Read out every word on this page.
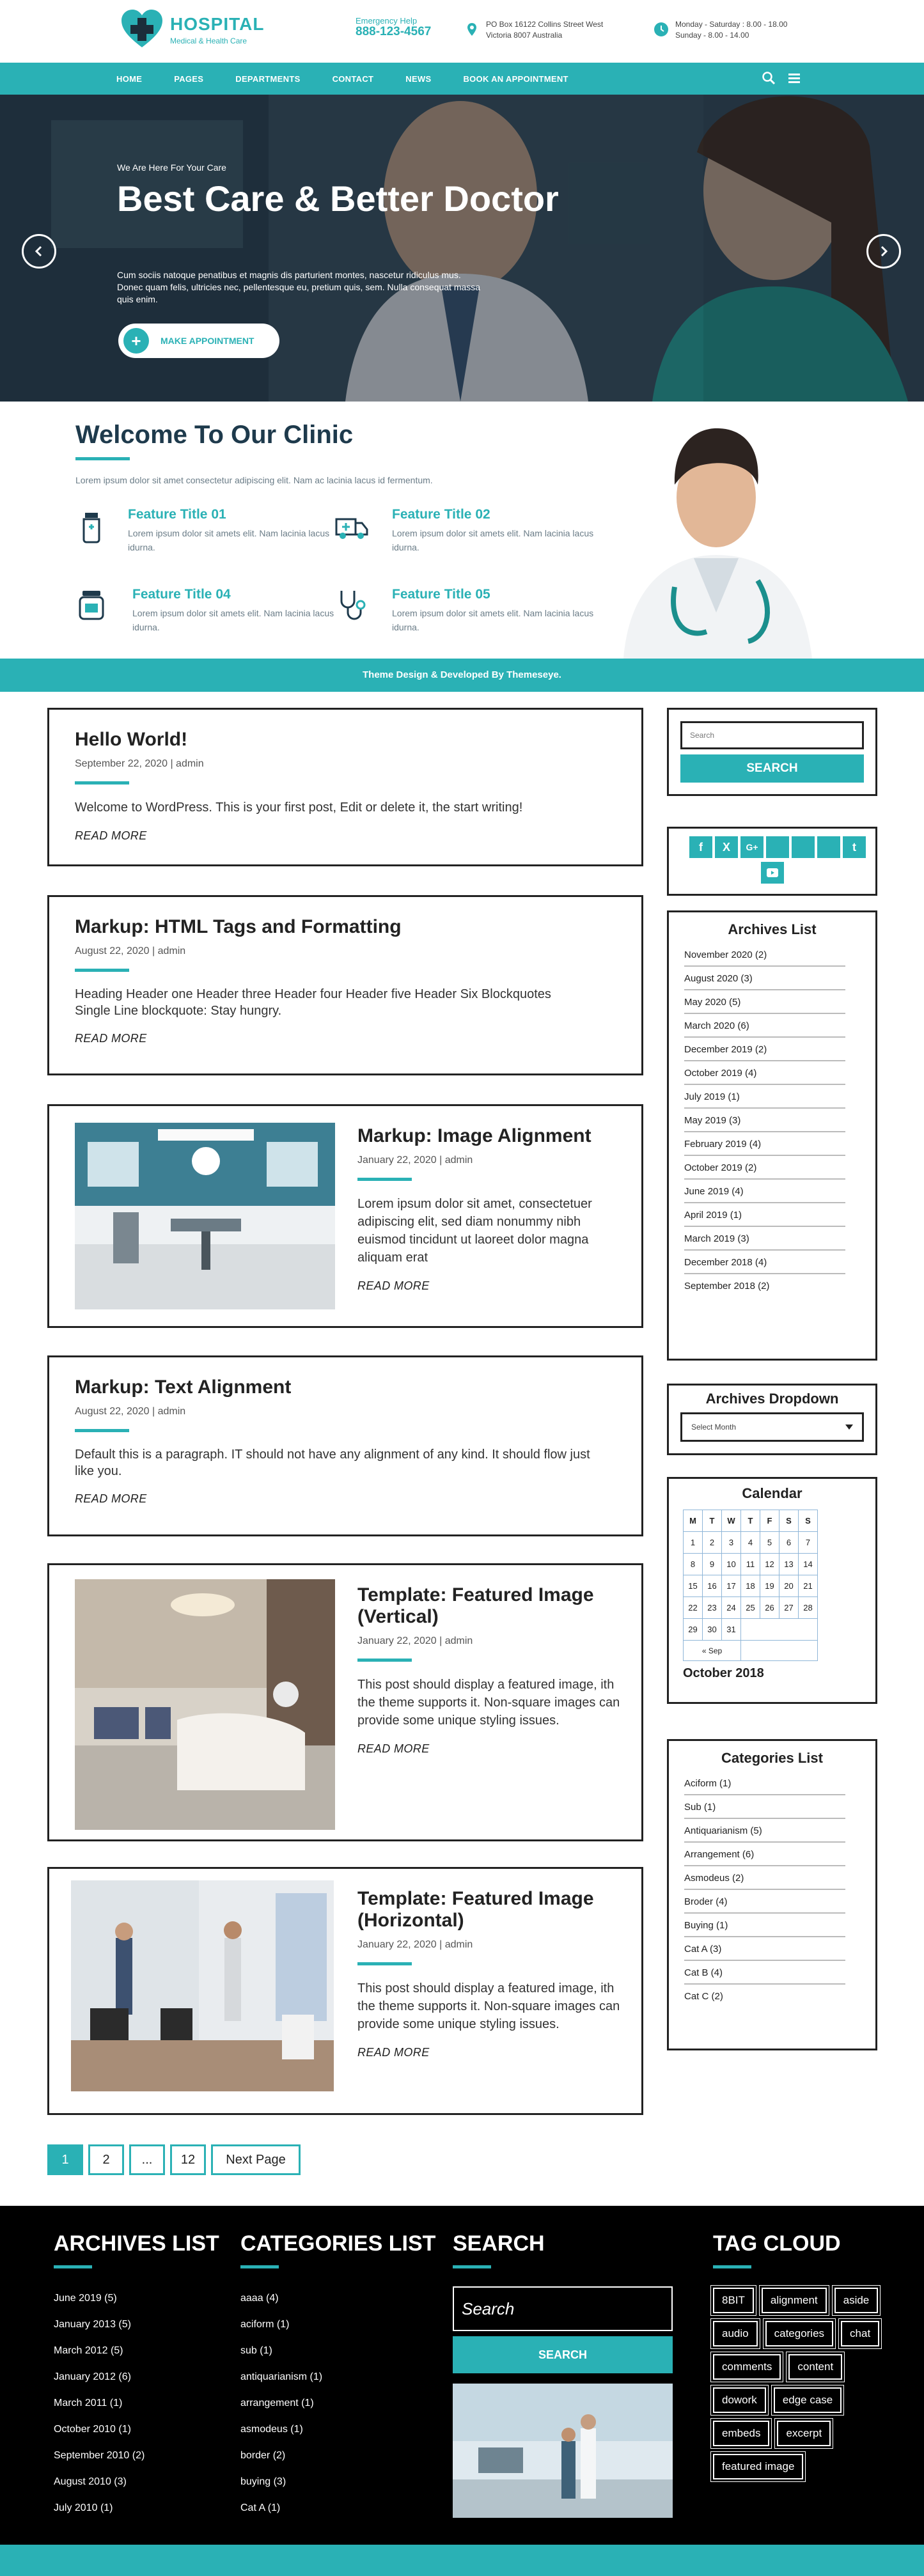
HOSPITAL
Medical & Health Care
Emergency Help
888-123-4567
PO Box 16122 Collins Street West
Victoria 8007 Australia
Monday - Saturday : 8.00 - 18.00
Sunday - 8.00 - 14.00
HOME	PAGES	DEPARTMENTS	CONTACT	NEWS	BOOK AN APPOINTMENT
We Are Here For Your Care
Best Care & Better Doctor
Cum sociis natoque penatibus et magnis dis parturient montes, nascetur ridiculus mus. Donec quam felis, ultricies nec, pellentesque eu, pretium quis, sem. Nulla consequat massa quis enim.
+	MAKE APPOINTMENT
Welcome To Our Clinic
Lorem ipsum dolor sit amet consectetur adipiscing elit. Nam ac lacinia lacus id fermentum.
Feature Title 01
Lorem ipsum dolor sit amets elit. Nam lacinia lacus idurna.
Feature Title 02
Lorem ipsum dolor sit amets elit. Nam lacinia lacus idurna.
Feature Title 04
Lorem ipsum dolor sit amets elit. Nam lacinia lacus idurna.
Feature Title 05
Lorem ipsum dolor sit amets elit. Nam lacinia lacus idurna.
Theme Design & Developed By Themeseye.
Hello World!
September 22, 2020 | admin
Welcome to WordPress. This is your first post, Edit or delete it, the start writing!
READ MORE
Markup: HTML Tags and Formatting
August 22, 2020 | admin
Heading Header one Header three Header four Header five Header Six Blockquotes Single Line blockquote: Stay hungry.
READ MORE
Markup: Image Alignment
January 22, 2020 | admin
Lorem ipsum dolor sit amet, consectetuer adipiscing elit, sed diam nonummy nibh euismod tincidunt ut laoreet dolor magna aliquam erat
READ MORE
Markup: Text Alignment
August 22, 2020 | admin
Default this is a paragraph. IT should not have any alignment of any kind. It should flow just like you.
READ MORE
Template: Featured Image (Vertical)
January 22, 2020 | admin
This post should display a featured image, ith the theme supports it. Non-square images can provide some unique styling issues.
READ MORE
Template: Featured Image (Horizontal)
January 22, 2020 | admin
This post should display a featured image, ith the theme supports it. Non-square images can provide some unique styling issues.
READ MORE
1	2	...	12	Next Page
Search
SEARCH
f	X	G+	t
Archives List
November 2020 (2)
August 2020 (3)
May 2020 (5)
March 2020 (6)
December 2019 (2)
October 2019 (4)
July 2019 (1)
May 2019 (3)
February 2019 (4)
October 2019 (2)
June 2019 (4)
April 2019 (1)
March 2019 (3)
December 2018 (4)
September 2018 (2)
Archives Dropdown
Select Month
Calendar
M	T	W	T	F	S	S
1	2	3	4	5	6	7
8	9	10	11	12	13	14
15	16	17	18	19	20	21
22	23	24	25	26	27	28
29	30	31				
« Sep						
October 2018
Categories List
Aciform (1)
Sub (1)
Antiquarianism (5)
Arrangement (6)
Asmodeus (2)
Broder (4)
Buying (1)
Cat A (3)
Cat B (4)
Cat C (2)
ARCHIVES LIST
June 2019 (5)
January 2013 (5)
March 2012 (5)
January 2012 (6)
March 2011 (1)
October 2010 (1)
September 2010 (2)
August 2010 (3)
July 2010 (1)
CATEGORIES LIST
aaaa (4)
aciform (1)
sub (1)
antiquarianism (1)
arrangement (1)
asmodeus (1)
border (2)
buying (3)
Cat A (1)
SEARCH
Search
SEARCH
TAG CLOUD
8BIT	alignment	aside
audio	categories	chat
comments	content
dowork	edge case
embeds	excerpt
featured image
